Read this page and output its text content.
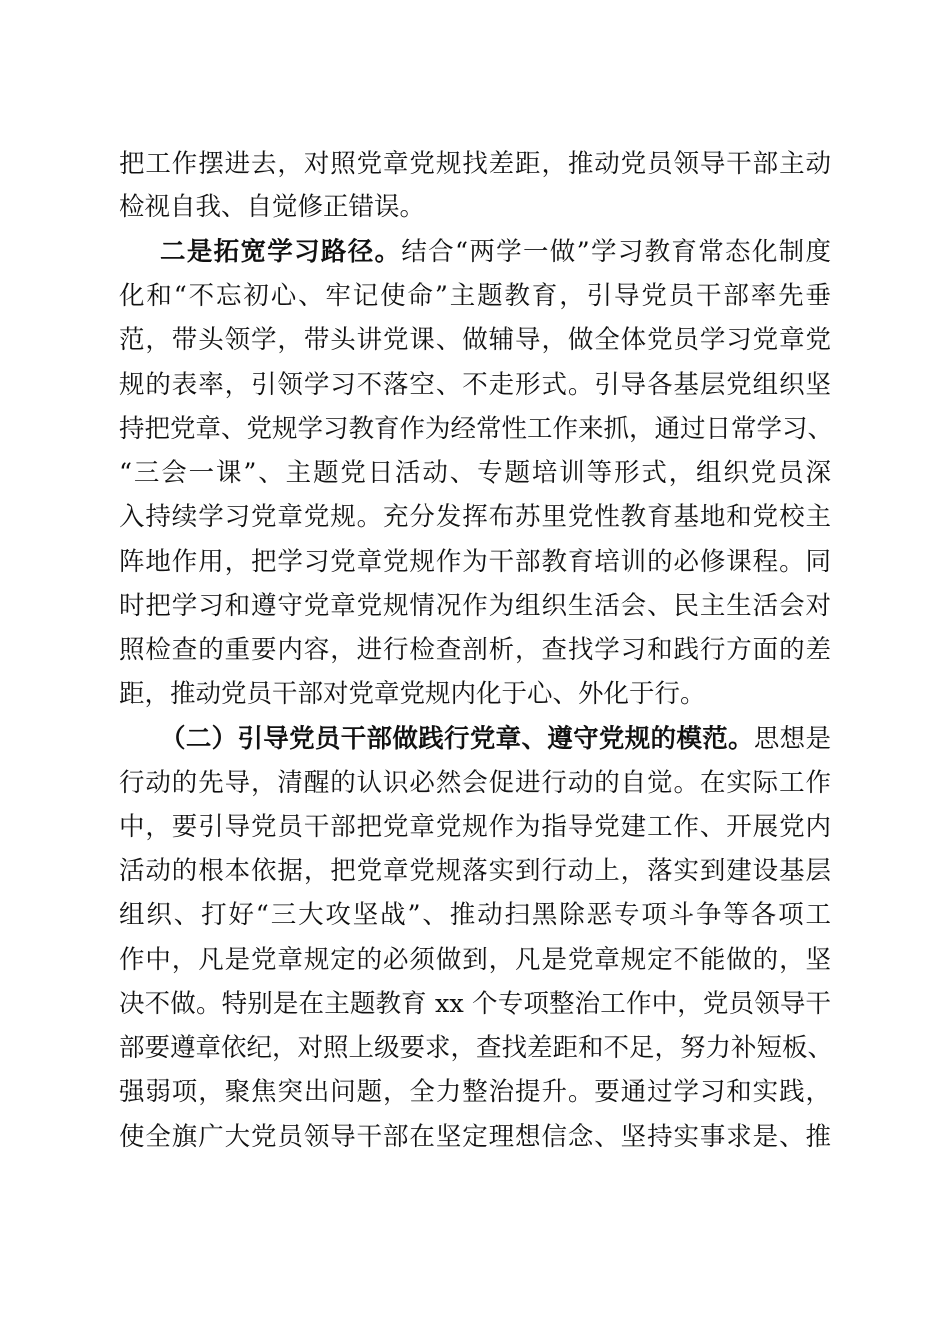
把工作摆进去，对照党章党规找差距，推动党员领导干部主动
检视自我、自觉修正错误。
二是拓宽学习路径。结合“两学一做”学习教育常态化制度
化和“不忘初心、牢记使命”主题教育，引导党员干部率先垂
范，带头领学，带头讲党课、做辅导，做全体党员学习党章党
规的表率，引领学习不落空、不走形式。引导各基层党组织坚
持把党章、党规学习教育作为经常性工作来抓，通过日常学习、
“三会一课”、主题党日活动、专题培训等形式，组织党员深
入持续学习党章党规。充分发挥布苏里党性教育基地和党校主
阵地作用，把学习党章党规作为干部教育培训的必修课程。同
时把学习和遵守党章党规情况作为组织生活会、民主生活会对
照检查的重要内容，进行检查剖析，查找学习和践行方面的差
距，推动党员干部对党章党规内化于心、外化于行。
（二）引导党员干部做践行党章、遵守党规的模范。思想是
行动的先导，清醒的认识必然会促进行动的自觉。在实际工作
中，要引导党员干部把党章党规作为指导党建工作、开展党内
活动的根本依据，把党章党规落实到行动上，落实到建设基层
组织、打好“三大攻坚战”、推动扫黑除恶专项斗争等各项工
作中，凡是党章规定的必须做到，凡是党章规定不能做的，坚
决不做。特别是在主题教育 xx 个专项整治工作中，党员领导干
部要遵章依纪，对照上级要求，查找差距和不足，努力补短板、
强弱项，聚焦突出问题，全力整治提升。要通过学习和实践，
使全旗广大党员领导干部在坚定理想信念、坚持实事求是、推
